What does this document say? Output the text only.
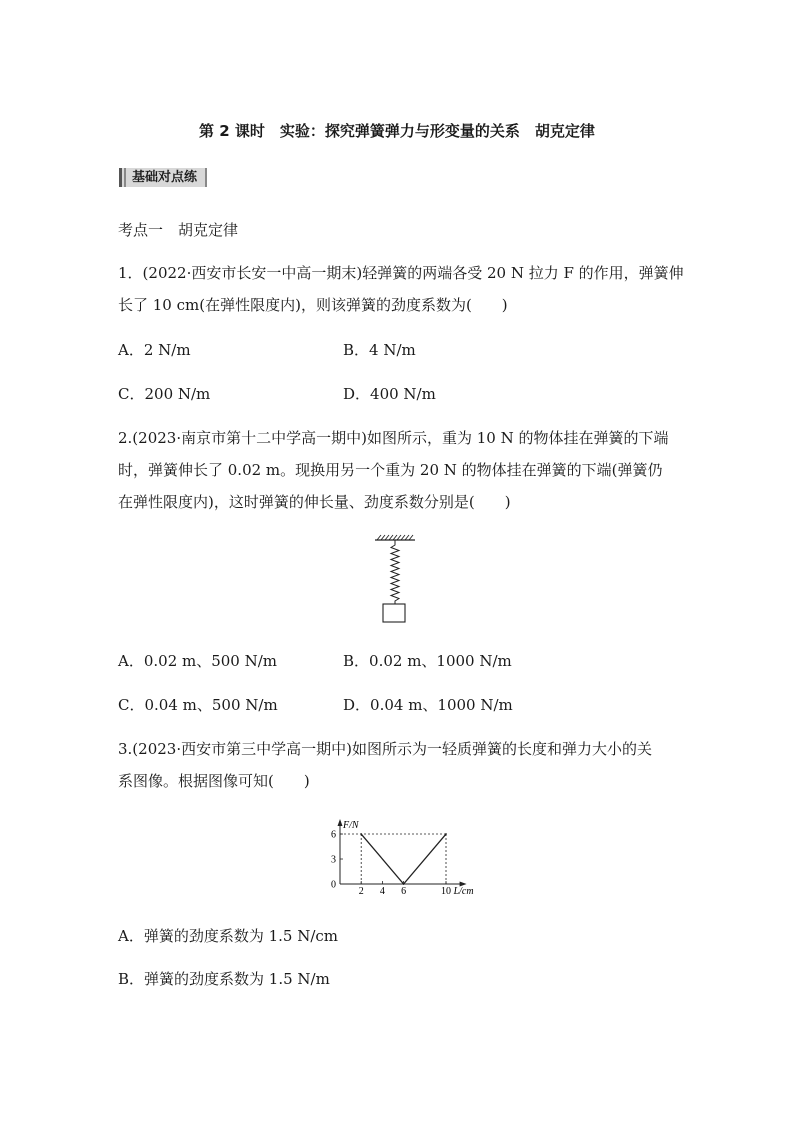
第 2 课时　实验：探究弹簧弹力与形变量的关系　胡克定律
基础对点练
考点一　胡克定律
1．(2022·西安市长安一中高一期末)轻弹簧的两端各受 20 N 拉力 F 的作用，弹簧伸
长了 10 cm(在弹性限度内)，则该弹簧的劲度系数为(　　)
A．2 N/m	B．4 N/m
C．200 N/m	D．400 N/m
2.(2023·南京市第十二中学高一期中)如图所示，重为 10 N 的物体挂在弹簧的下端
时，弹簧伸长了 0.02 m。现换用另一个重为 20 N 的物体挂在弹簧的下端(弹簧仍
在弹性限度内)，这时弹簧的伸长量、劲度系数分别是(　　)
A．0.02 m、500 N/m	B．0.02 m、1000 N/m
C．0.04 m、500 N/m	D．0.04 m、1000 N/m
3.(2023·西安市第三中学高一期中)如图所示为一轻质弹簧的长度和弹力大小的关
系图像。根据图像可知(　　)
F/N
L/cm
2 4 6	10
0
3
6
A．弹簧的劲度系数为 1.5 N/cm
B．弹簧的劲度系数为 1.5 N/m
